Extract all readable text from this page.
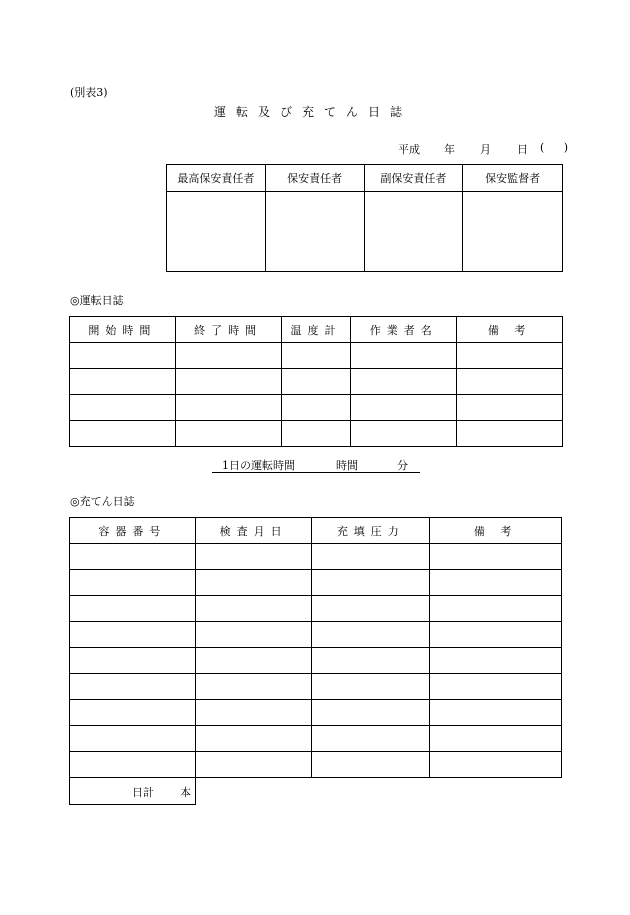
(別表3)
運転及び充てん日誌
平成 年 月 日 ( )
最高保安責任者	保安責任者	副保安責任者	保安監督者

◎運転日誌
開始時間	終了時間	温度計	作業者名	備 考

1日の運転時間	時間	分
◎充てん日誌
容器番号	検査月日	充填圧力	備 考

日計 本
